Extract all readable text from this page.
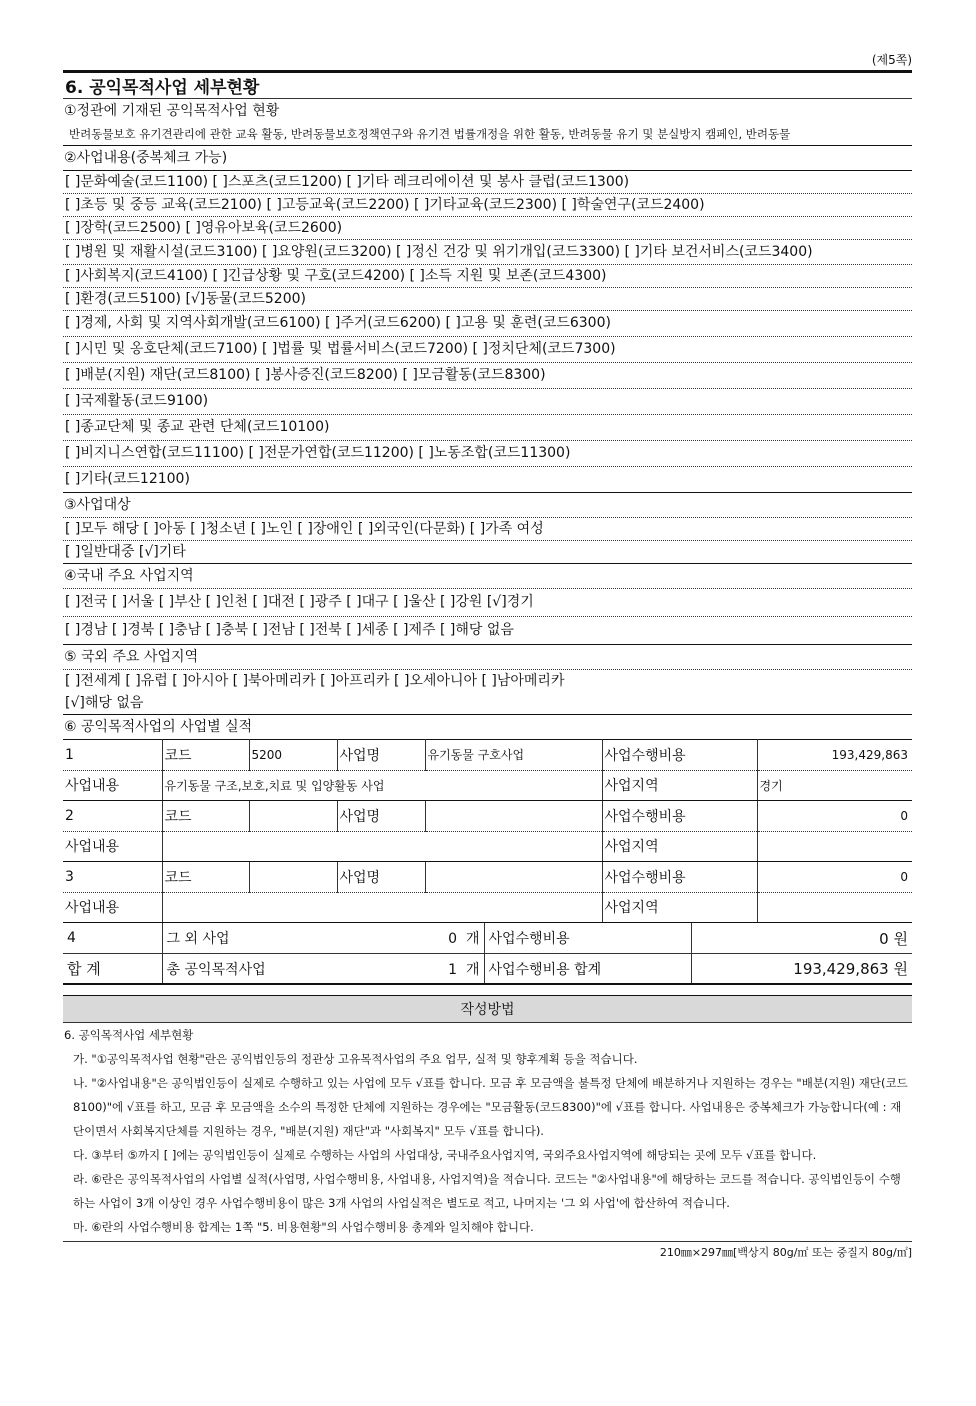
(제5쪽)
6. 공익목적사업 세부현황
①정관에 기재된 공익목적사업 현황
반려동물보호 유기견관리에 관한 교육 활동, 반려동물보호정책연구와 유기견 법률개정을 위한 활동, 반려동물 유기 및 분실방지 캠페인, 반려동물
②사업내용(중복체크 가능)
[ ]문화예술(코드1100) [ ]스포츠(코드1200) [ ]기타 레크리에이션 및 봉사 클럽(코드1300)
[ ]초등 및 중등 교육(코드2100) [ ]고등교육(코드2200) [ ]기타교육(코드2300) [ ]학술연구(코드2400)
[ ]장학(코드2500) [ ]영유아보육(코드2600)
[ ]병원 및 재활시설(코드3100) [ ]요양원(코드3200) [ ]정신 건강 및 위기개입(코드3300) [ ]기타 보건서비스(코드3400)
[ ]사회복지(코드4100) [ ]긴급상황 및 구호(코드4200) [ ]소득 지원 및 보존(코드4300)
[ ]환경(코드5100) [√]동물(코드5200)
[ ]경제, 사회 및 지역사회개발(코드6100) [ ]주거(코드6200) [ ]고용 및 훈련(코드6300)
[ ]시민 및 옹호단체(코드7100) [ ]법률 및 법률서비스(코드7200) [ ]정치단체(코드7300)
[ ]배분(지원) 재단(코드8100) [ ]봉사증진(코드8200) [ ]모금활동(코드8300)
[ ]국제활동(코드9100)
[ ]종교단체 및 종교 관련 단체(코드10100)
[ ]비지니스연합(코드11100) [ ]전문가연합(코드11200) [ ]노동조합(코드11300)
[ ]기타(코드12100)
③사업대상
[ ]모두 해당 [ ]아동 [ ]청소년 [ ]노인 [ ]장애인 [ ]외국인(다문화) [ ]가족 여성
[ ]일반대중 [√]기타
④국내 주요 사업지역
[ ]전국 [ ]서울 [ ]부산 [ ]인천 [ ]대전 [ ]광주 [ ]대구 [ ]울산 [ ]강원 [√]경기
[ ]경남 [ ]경북 [ ]충남 [ ]충북 [ ]전남 [ ]전북 [ ]세종 [ ]제주 [ ]해당 없음
⑤ 국외 주요 사업지역
[ ]전세계 [ ]유럽 [ ]아시아 [ ]북아메리카 [ ]아프리카 [ ]오세아니아 [ ]남아메리카
[√]해당 없음
⑥ 공익목적사업의 사업별 실적
1	코드	5200	사업명	유기동물 구호사업	사업수행비용	193,429,863
사업내용	유기동물 구조,보호,치료 및 입양활동 사업				사업지역	경기
2	코드		사업명		사업수행비용	0
사업내용					사업지역	
3	코드		사업명		사업수행비용	0
사업내용					사업지역	
4	그 외 사업	0 개	사업수행비용	0 원
합 계	총 공익목적사업	1 개	사업수행비용 합계	193,429,863 원
작성방법

6. 공익목적사업 세부현황

가. "①공익목적사업 현황"란은 공익법인등의 정관상 고유목적사업의 주요 업무, 실적 및 향후계획 등을 적습니다.

나. "②사업내용"은 공익법인등이 실제로 수행하고 있는 사업에 모두 √표를 합니다. 모금 후 모금액을 불특정 단체에 배분하거나 지원하는 경우는 "배분(지원) 재단(코드8100)"에 √표를 하고, 모금 후 모금액을 소수의 특정한 단체에 지원하는 경우에는 "모금활동(코드8300)"에 √표를 합니다. 사업내용은 중복체크가 가능합니다(예 : 재단이면서 사회복지단체를 지원하는 경우, "배분(지원) 재단"과 "사회복지" 모두 √표를 합니다).

다. ③부터 ⑤까지 [ ]에는 공익법인등이 실제로 수행하는 사업의 사업대상, 국내주요사업지역, 국외주요사업지역에 해당되는 곳에 모두 √표를 합니다.

라. ⑥란은 공익목적사업의 사업별 실적(사업명, 사업수행비용, 사업내용, 사업지역)을 적습니다. 코드는 "②사업내용"에 해당하는 코드를 적습니다. 공익법인등이 수행하는 사업이 3개 이상인 경우 사업수행비용이 많은 3개 사업의 사업실적은 별도로 적고, 나머지는 '그 외 사업'에 합산하여 적습니다.

마. ⑥란의 사업수행비용 합계는 1쪽 "5. 비용현황"의 사업수행비용 총계와 일치해야 합니다.

210㎜×297㎜[백상지 80g/㎡ 또는 중질지 80g/㎡]
